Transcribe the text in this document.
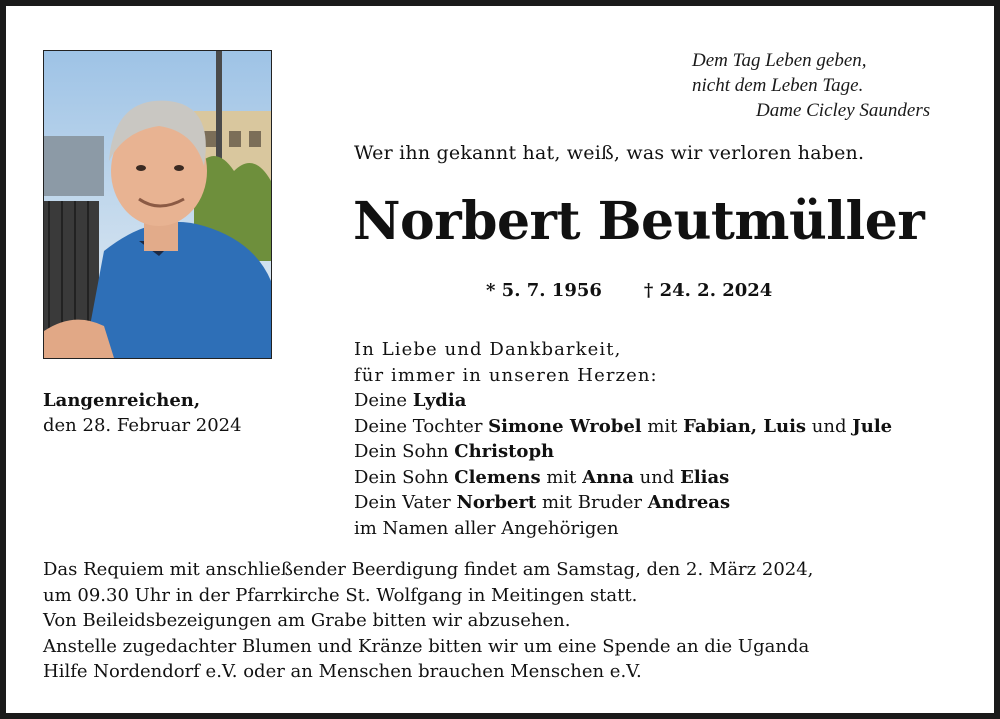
Dem Tag Leben geben,
nicht dem Leben Tage.
Dame Cicley Saunders
Wer ihn gekannt hat, weiß, was wir verloren haben.
Norbert Beutmüller
* 5. 7. 1956 † 24. 2. 2024
Langenreichen,
den 28. Februar 2024
In Liebe und Dankbarkeit,
für immer in unseren Herzen:
Deine Lydia
Deine Tochter Simone Wrobel mit Fabian, Luis und Jule
Dein Sohn Christoph
Dein Sohn Clemens mit Anna und Elias
Dein Vater Norbert mit Bruder Andreas
im Namen aller Angehörigen
Das Requiem mit anschließender Beerdigung findet am Samstag, den 2. März 2024,
um 09.30 Uhr in der Pfarrkirche St. Wolfgang in Meitingen statt.
Von Beileidsbezeigungen am Grabe bitten wir abzusehen.
Anstelle zugedachter Blumen und Kränze bitten wir um eine Spende an die Uganda
Hilfe Nordendorf e.V. oder an Menschen brauchen Menschen e.V.
